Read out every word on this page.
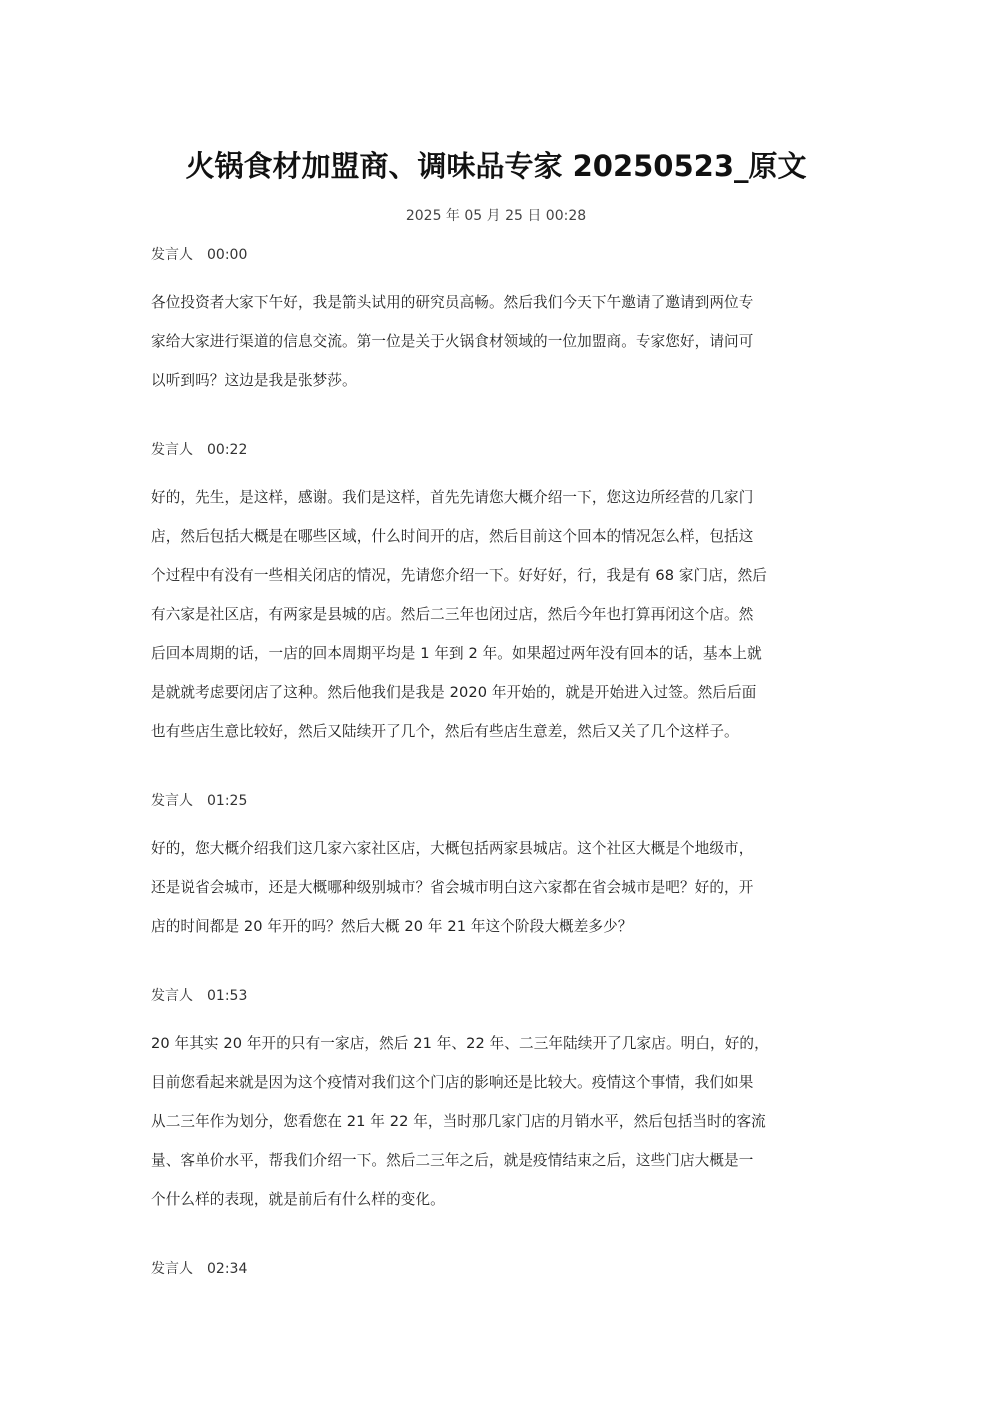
火锅食材加盟商、调味品专家 20250523_原文
2025 年 05 月 25 日 00:28
发言人 00:00
各位投资者大家下午好，我是箭头试用的研究员高畅。然后我们今天下午邀请了邀请到两位专
家给大家进行渠道的信息交流。第一位是关于火锅食材领域的一位加盟商。专家您好，请问可
以听到吗？这边是我是张梦莎。
发言人 00:22
好的，先生，是这样，感谢。我们是这样，首先先请您大概介绍一下，您这边所经营的几家门
店，然后包括大概是在哪些区域，什么时间开的店，然后目前这个回本的情况怎么样，包括这
个过程中有没有一些相关闭店的情况，先请您介绍一下。好好好，行，我是有 68 家门店，然后
有六家是社区店，有两家是县城的店。然后二三年也闭过店，然后今年也打算再闭这个店。然
后回本周期的话，一店的回本周期平均是 1 年到 2 年。如果超过两年没有回本的话，基本上就
是就就考虑要闭店了这种。然后他我们是我是 2020 年开始的，就是开始进入过签。然后后面
也有些店生意比较好，然后又陆续开了几个，然后有些店生意差，然后又关了几个这样子。
发言人 01:25
好的，您大概介绍我们这几家六家社区店，大概包括两家县城店。这个社区大概是个地级市，
还是说省会城市，还是大概哪种级别城市？省会城市明白这六家都在省会城市是吧？好的，开
店的时间都是 20 年开的吗？然后大概 20 年 21 年这个阶段大概差多少？
发言人 01:53
20 年其实 20 年开的只有一家店，然后 21 年、22 年、二三年陆续开了几家店。明白，好的，
目前您看起来就是因为这个疫情对我们这个门店的影响还是比较大。疫情这个事情，我们如果
从二三年作为划分，您看您在 21 年 22 年，当时那几家门店的月销水平，然后包括当时的客流
量、客单价水平，帮我们介绍一下。然后二三年之后，就是疫情结束之后，这些门店大概是一
个什么样的表现，就是前后有什么样的变化。
发言人 02:34
